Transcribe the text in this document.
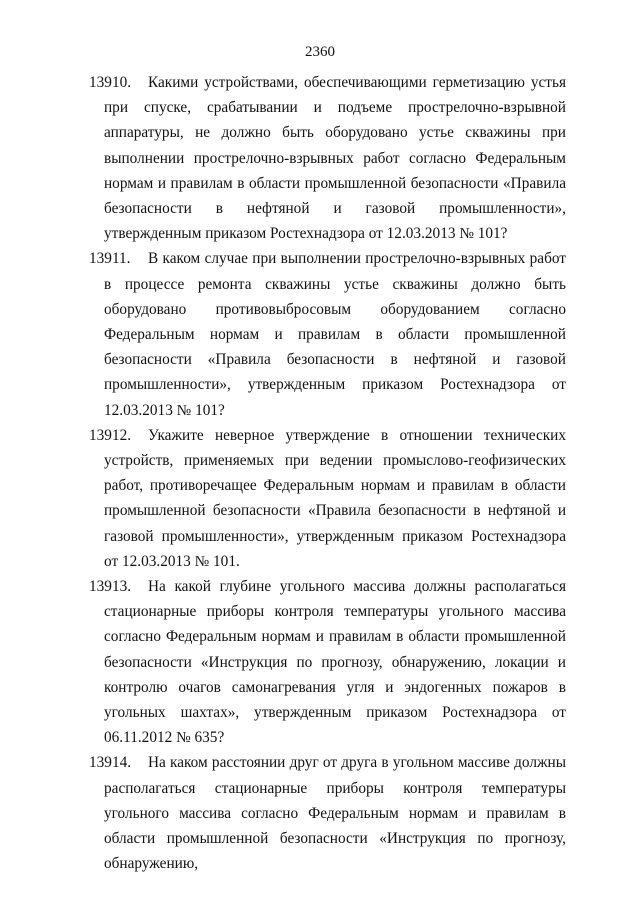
2360
13910.	Какими устройствами, обеспечивающими герметизацию устья при спуске, срабатывании и подъеме прострелочно-взрывной аппаратуры, не должно быть оборудовано устье скважины при выполнении прострелочно-взрывных работ согласно Федеральным нормам и правилам в области промышленной безопасности «Правила безопасности в нефтяной и газовой промышленности», утвержденным приказом Ростехнадзора от 12.03.2013 № 101?
13911.	В каком случае при выполнении прострелочно-взрывных работ в процессе ремонта скважины устье скважины должно быть оборудовано противовыбросовым оборудованием согласно Федеральным нормам и правилам в области промышленной безопасности «Правила безопасности в нефтяной и газовой промышленности», утвержденным приказом Ростехнадзора от 12.03.2013 № 101?
13912.	Укажите неверное утверждение в отношении технических устройств, применяемых при ведении промыслово-геофизических работ, противоречащее Федеральным нормам и правилам в области промышленной безопасности «Правила безопасности в нефтяной и газовой промышленности», утвержденным приказом Ростехнадзора от 12.03.2013 № 101.
13913.	На какой глубине угольного массива должны располагаться стационарные приборы контроля температуры угольного массива согласно Федеральным нормам и правилам в области промышленной безопасности «Инструкция по прогнозу, обнаружению, локации и контролю очагов самонагревания угля и эндогенных пожаров в угольных шахтах», утвержденным приказом Ростехнадзора от 06.11.2012 № 635?
13914.	На каком расстоянии друг от друга в угольном массиве должны располагаться стационарные приборы контроля температуры угольного массива согласно Федеральным нормам и правилам в области промышленной безопасности «Инструкция по прогнозу, обнаружению,
